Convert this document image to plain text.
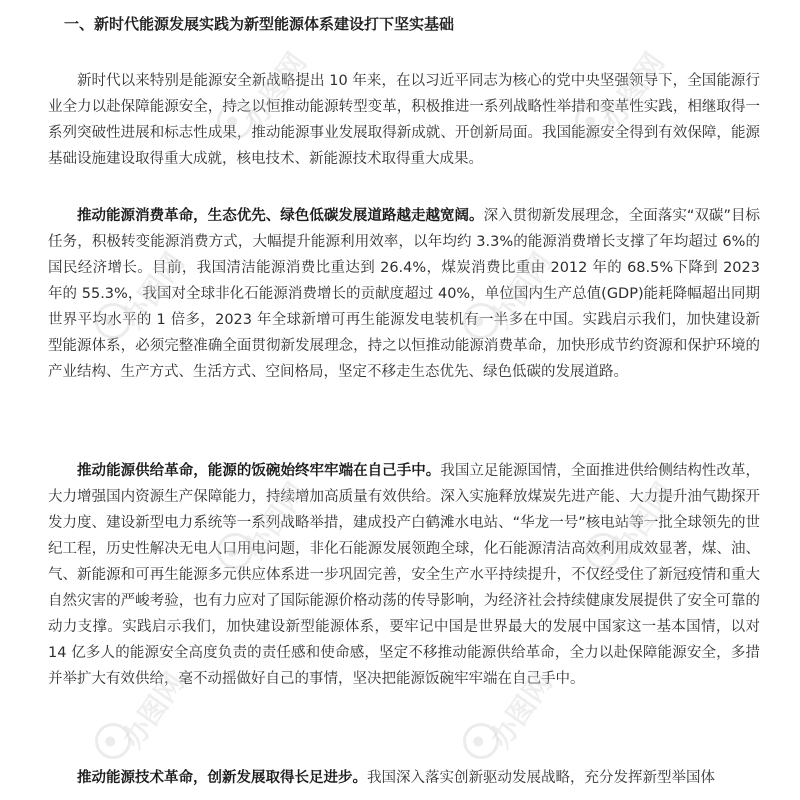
一、新时代能源发展实践为新型能源体系建设打下坚实基础

新时代以来特别是能源安全新战略提出 10 年来，在以习近平同志为核心的党中央坚强领导下，全国能源行业全力以赴保障能源安全，持之以恒推动能源转型变革，积极推进一系列战略性举措和变革性实践，相继取得一系列突破性进展和标志性成果，推动能源事业发展取得新成就、开创新局面。我国能源安全得到有效保障，能源基础设施建设取得重大成就，核电技术、新能源技术取得重大成果。

推动能源消费革命，生态优先、绿色低碳发展道路越走越宽阔。深入贯彻新发展理念，全面落实“双碳”目标任务，积极转变能源消费方式，大幅提升能源利用效率，以年均约 3.3%的能源消费增长支撑了年均超过 6%的国民经济增长。目前，我国清洁能源消费比重达到 26.4%，煤炭消费比重由 2012 年的 68.5%下降到 2023 年的 55.3%，我国对全球非化石能源消费增长的贡献度超过 40%，单位国内生产总值(GDP)能耗降幅超出同期世界平均水平的 1 倍多，2023 年全球新增可再生能源发电装机有一半多在中国。实践启示我们，加快建设新型能源体系，必须完整准确全面贯彻新发展理念，持之以恒推动能源消费革命，加快形成节约资源和保护环境的产业结构、生产方式、生活方式、空间格局，坚定不移走生态优先、绿色低碳的发展道路。

推动能源供给革命，能源的饭碗始终牢牢端在自己手中。我国立足能源国情，全面推进供给侧结构性改革，大力增强国内资源生产保障能力，持续增加高质量有效供给。深入实施释放煤炭先进产能、大力提升油气勘探开发力度、建设新型电力系统等一系列战略举措，建成投产白鹤滩水电站、“华龙一号”核电站等一批全球领先的世纪工程，历史性解决无电人口用电问题，非化石能源发展领跑全球，化石能源清洁高效利用成效显著，煤、油、气、新能源和可再生能源多元供应体系进一步巩固完善，安全生产水平持续提升，不仅经受住了新冠疫情和重大自然灾害的严峻考验，也有力应对了国际能源价格动荡的传导影响，为经济社会持续健康发展提供了安全可靠的动力支撑。实践启示我们，加快建设新型能源体系，要牢记中国是世界最大的发展中国家这一基本国情，以对 14 亿多人的能源安全高度负责的责任感和使命感，坚定不移推动能源供给革命，全力以赴保障能源安全，多措并举扩大有效供给，毫不动摇做好自己的事情，坚决把能源饭碗牢牢端在自己手中。

推动能源技术革命，创新发展取得长足进步。我国深入落实创新驱动发展战略，充分发挥新型举国体

办图网	办图网
办图网	办图网
办图网	办图网
办图网	办图网
